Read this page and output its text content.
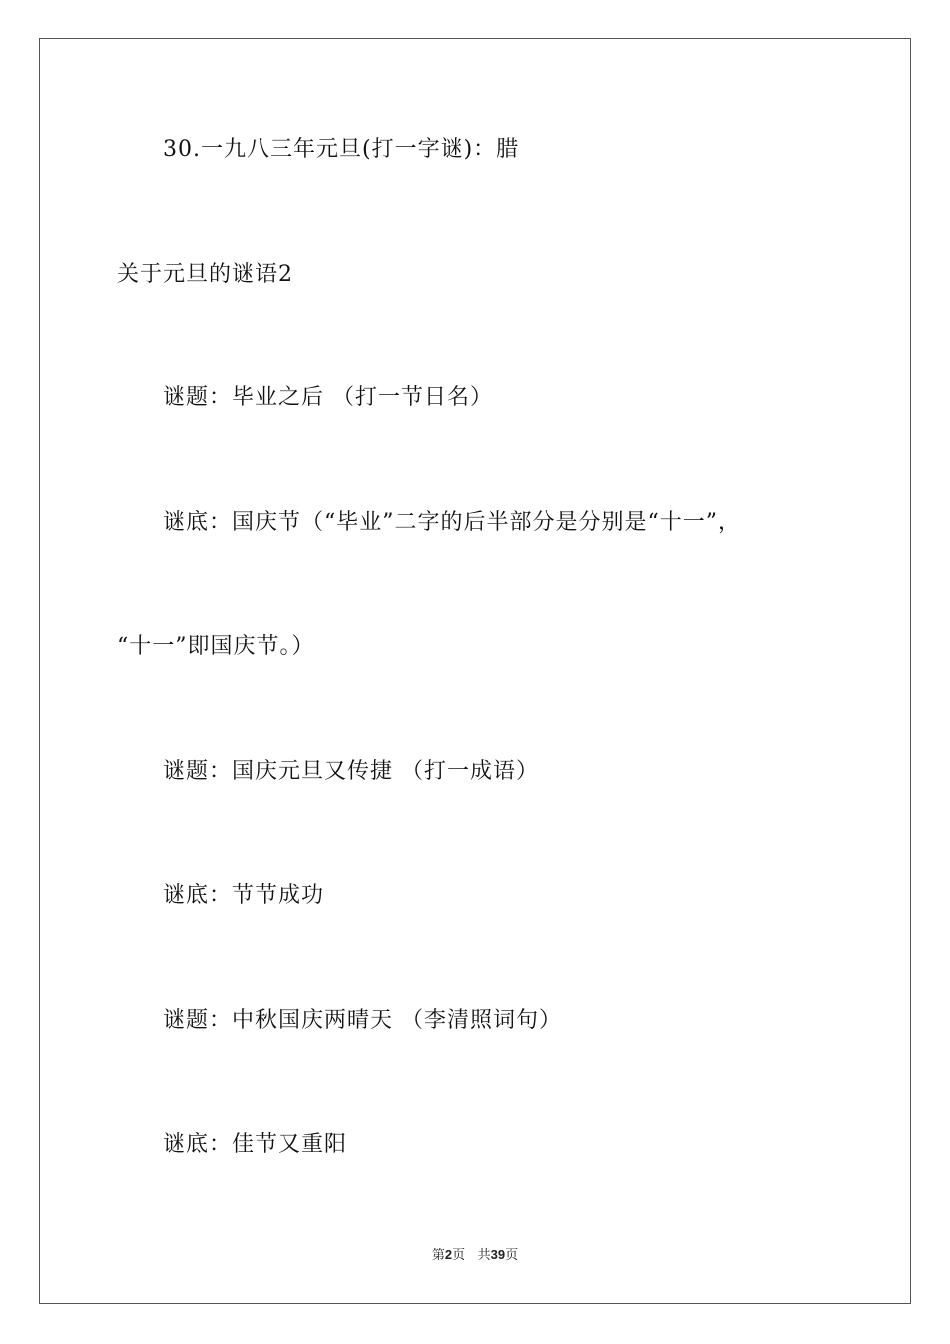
30.一九八三年元旦(打一字谜)：腊
关于元旦的谜语2
谜题：毕业之后 （打一节日名）
谜底：国庆节（“毕业”二字的后半部分是分别是“十一”，
“十一”即国庆节。）
谜题：国庆元旦又传捷 （打一成语）
谜底：节节成功
谜题：中秋国庆两晴天 （李清照词句）
谜底：佳节又重阳
第2页 共39页
